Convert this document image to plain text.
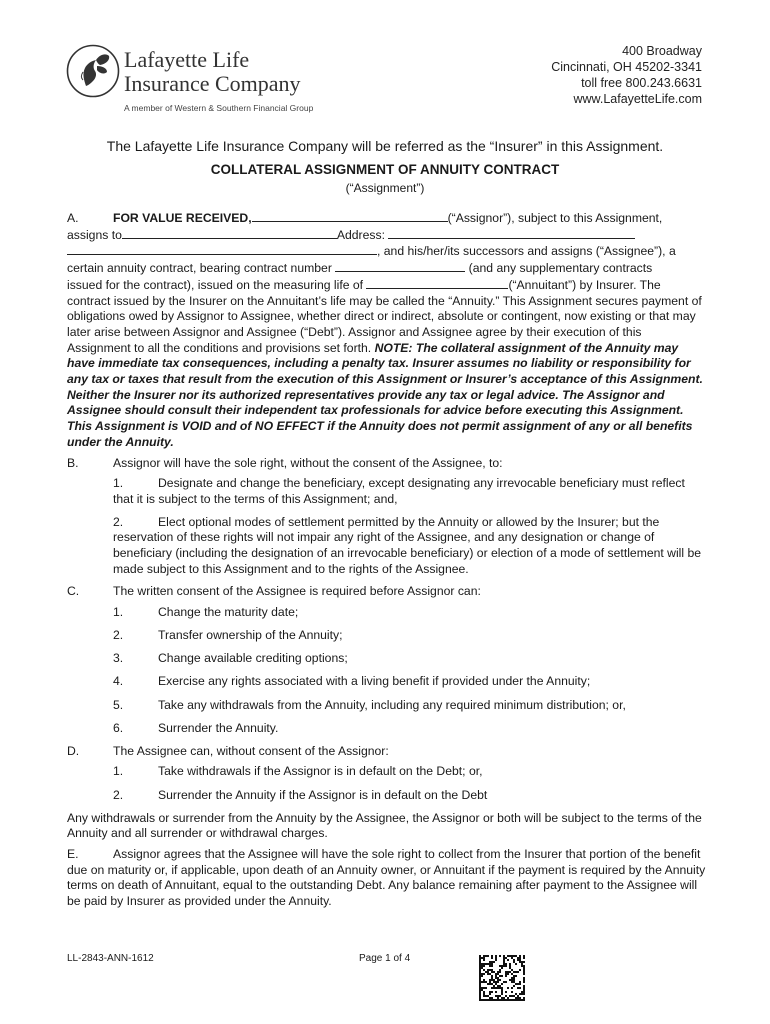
Lafayette Life
Insurance Company
A member of Western & Southern Financial Group
400 Broadway
Cincinnati, OH 45202-3341
toll free 800.243.6631
www.LafayetteLife.com
The Lafayette Life Insurance Company will be referred as the “Insurer” in this Assignment.
COLLATERAL ASSIGNMENT OF ANNUITY CONTRACT
(“Assignment”)
A.	FOR VALUE RECEIVED,	(“Assignor”), subject to this Assignment,
assigns to	Address:
, and his/her/its successors and assigns (“Assignee”), a
certain annuity contract, bearing contract number	(and any supplementary contracts
issued for the contract), issued on the measuring life of	(“Annuitant”) by Insurer. The
contract issued by the Insurer on the Annuitant’s life may be called the “Annuity.” This Assignment secures payment of obligations owed by Assignor to Assignee, whether direct or indirect, absolute or contingent, now existing or that may later arise between Assignor and Assignee (“Debt”). Assignor and Assignee agree by their execution of this Assignment to all the conditions and provisions set forth. NOTE: The collateral assignment of the Annuity may have immediate tax consequences, including a penalty tax. Insurer assumes no liability or responsibility for any tax or taxes that result from the execution of this Assignment or Insurer’s acceptance of this Assignment. Neither the Insurer nor its authorized representatives provide any tax or legal advice. The Assignor and Assignee should consult their independent tax professionals for advice before executing this Assignment. This Assignment is VOID and of NO EFFECT if the Annuity does not permit assignment of any or all benefits under the Annuity.
B.	Assignor will have the sole right, without the consent of the Assignee, to:
1.	Designate and change the beneficiary, except designating any irrevocable beneficiary must reflect that it is subject to the terms of this Assignment; and,
2.	Elect optional modes of settlement permitted by the Annuity or allowed by the Insurer; but the reservation of these rights will not impair any right of the Assignee, and any designation or change of beneficiary (including the designation of an irrevocable beneficiary) or election of a mode of settlement will be made subject to this Assignment and to the rights of the Assignee.
C.	The written consent of the Assignee is required before Assignor can:
1.	Change the maturity date;
2.	Transfer ownership of the Annuity;
3.	Change available crediting options;
4.	Exercise any rights associated with a living benefit if provided under the Annuity;
5.	Take any withdrawals from the Annuity, including any required minimum distribution; or,
6.	Surrender the Annuity.
D.	The Assignee can, without consent of the Assignor:
1.	Take withdrawals if the Assignor is in default on the Debt; or,
2.	Surrender the Annuity if the Assignor is in default on the Debt
Any withdrawals or surrender from the Annuity by the Assignee, the Assignor or both will be subject to the terms of the Annuity and all surrender or withdrawal charges.
E.	Assignor agrees that the Assignee will have the sole right to collect from the Insurer that portion of the benefit due on maturity or, if applicable, upon death of an Annuity owner, or Annuitant if the payment is required by the Annuity terms on death of Annuitant, equal to the outstanding Debt. Any balance remaining after payment to the Assignee will be paid by Insurer as provided under the Annuity.
LL-2843-ANN-1612	Page 1 of 4
